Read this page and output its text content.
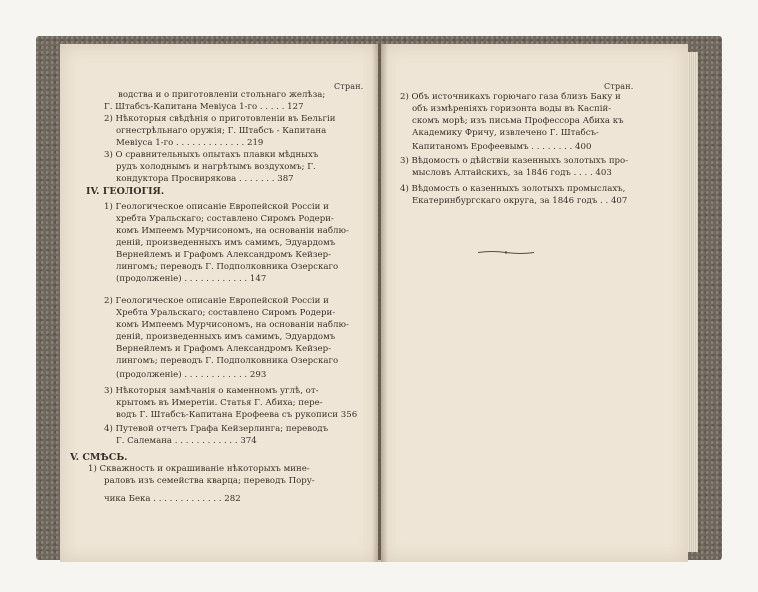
Стран.
водства и о приготовленіи стольнаго желѣза;
Г. Штабсъ-Капитана Мевіуса 1-го . . . . . 127
2) Нѣкоторыя свѣдѣнія о приготовленіи въ Бельгіи
огнестрѣльнаго оружія; Г. Штабсъ - Капитана
Мевіуса 1-го . . . . . . . . . . . . . 219
3) О сравнительныхъ опытахъ плавки мѣдныхъ
рудъ холоднымъ и нагрѣтымъ воздухомъ; Г.
кондуктора Просвирякова . . . . . . . 387
IV. ГЕОЛОГІЯ.
1) Геологическое описаніе Европейской Россіи и
хребта Уральскаго; составлено Сиромъ Родери-
комъ Импеемъ Мурчисономъ, на основаніи наблю-
деній, произведенныхъ имъ самимъ, Эдуардомъ
Вернейлемъ и Графомъ Александромъ Кейзер-
лингомъ; переводъ Г. Подполковника Озерскаго
(продолженіе) . . . . . . . . . . . . 147
2) Геологическое описаніе Европейской Россіи и
Хребта Уральскаго; составлено Сиромъ Родери-
комъ Импеемъ Мурчисономъ, на основаніи наблю-
деній, произведенныхъ имъ самимъ, Эдуардомъ
Вернейлемъ и Графомъ Александромъ Кейзер-
лингомъ; переводъ Г. Подполковника Озерскаго
(продолженіе) . . . . . . . . . . . . 293
3) Нѣкоторыя замѣчанія о каменномъ углѣ, от-
крытомъ въ Имеретіи. Статья Г. Абиха; пере-
водъ Г. Штабсъ-Капитана Ерофеева съ рукописи 356
4) Путевой отчетъ Графа Кейзерлинга; переводъ
Г. Салемана . . . . . . . . . . . . 374
V. СМѢСЬ.
1) Скважность и окрашиваніе нѣкоторыхъ мине-
раловъ изъ семейства кварца; переводъ Пору-
чика Бека . . . . . . . . . . . . . 282
Стран.
2) Объ источникахъ горючаго газа близъ Баку и
объ измѣреніяхъ горизонта воды въ Каспій-
скомъ морѣ; изъ письма Профессора Абиха къ
Академику Фричу, извлечено Г. Штабсъ-
Капитаномъ Ерофеевымъ . . . . . . . . 400
3) Вѣдомость о дѣйствіи казенныхъ золотыхъ про-
мысловъ Алтайскихъ, за 1846 годъ . . . . 403
4) Вѣдомость о казенныхъ золотыхъ промыслахъ,
Екатеринбургскаго округа, за 1846 годъ . . 407
